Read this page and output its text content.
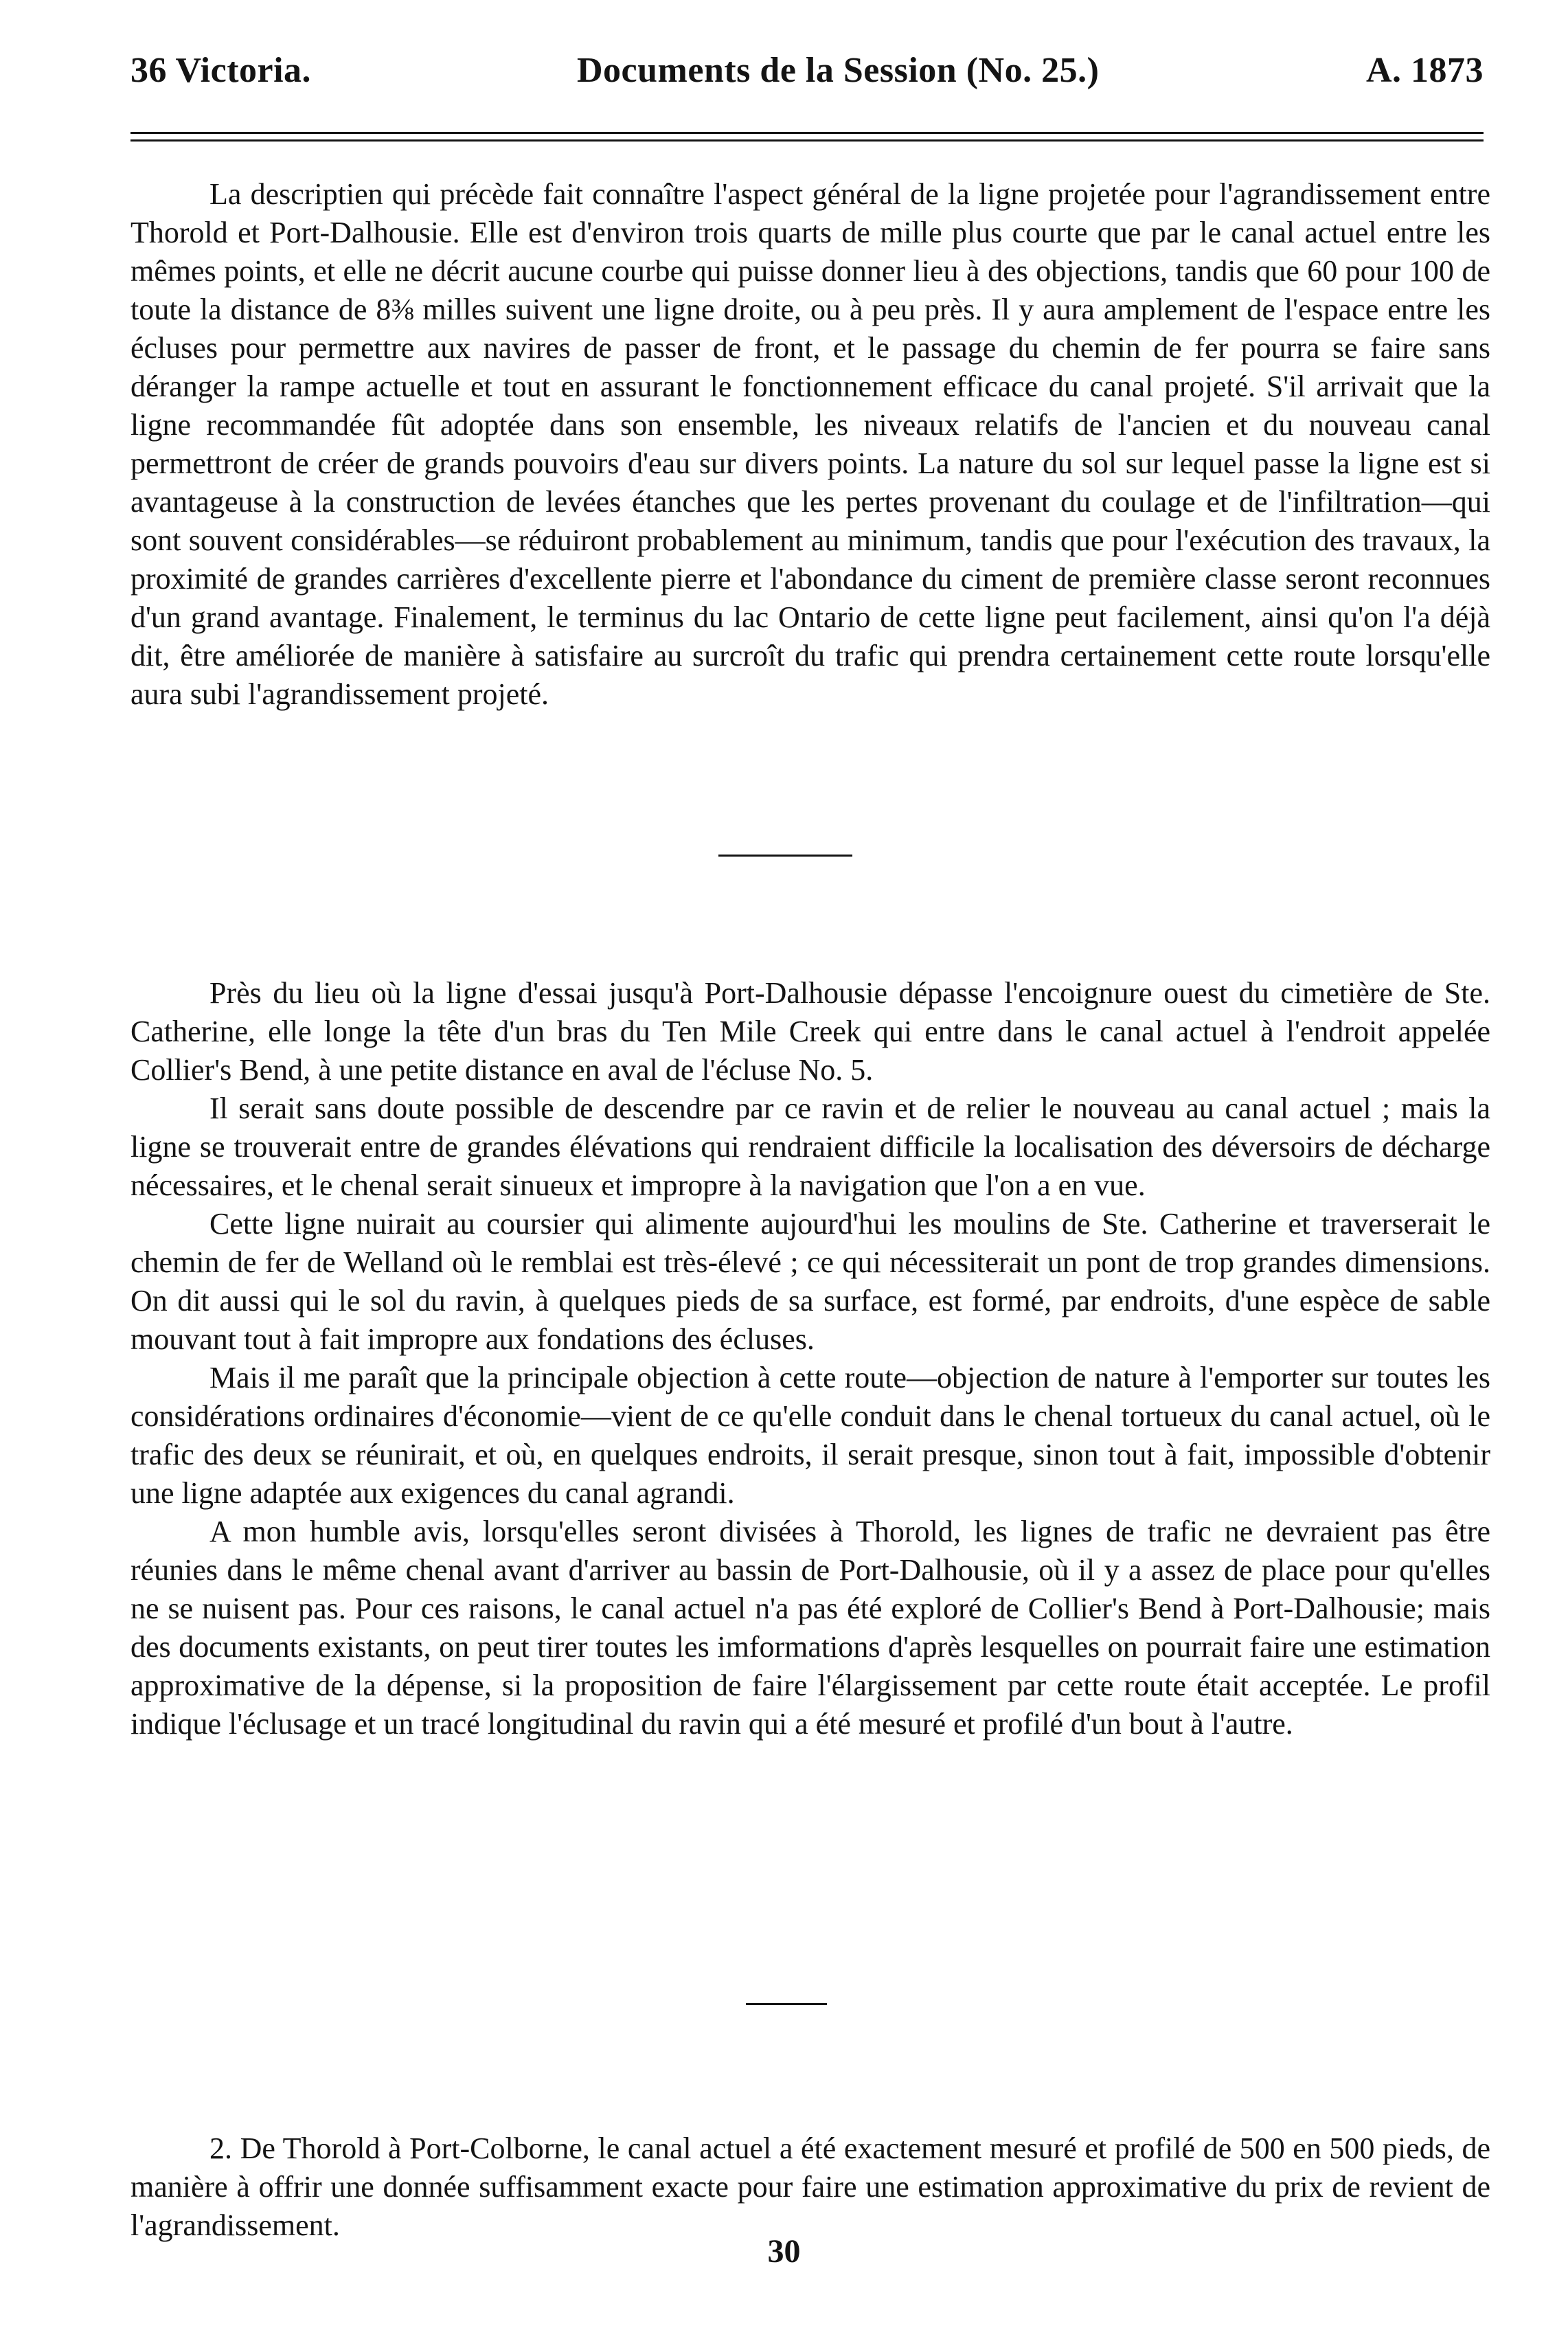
36 Victoria.	Documents de la Session (No. 25.)	A. 1873

La descriptien qui précède fait connaître l'aspect général de la ligne projetée pour l'agrandissement entre Thorold et Port-Dalhousie. Elle est d'environ trois quarts de mille plus courte que par le canal actuel entre les mêmes points, et elle ne décrit aucune courbe qui puisse donner lieu à des objections, tandis que 60 pour 100 de toute la distance de 8⅜ milles suivent une ligne droite, ou à peu près. Il y aura amplement de l'espace entre les écluses pour permettre aux navires de passer de front, et le passage du chemin de fer pourra se faire sans déranger la rampe actuelle et tout en assurant le fonctionnement efficace du canal projeté. S'il arrivait que la ligne recommandée fût adoptée dans son ensemble, les niveaux relatifs de l'ancien et du nouveau canal permettront de créer de grands pouvoirs d'eau sur divers points. La nature du sol sur lequel passe la ligne est si avantageuse à la construction de levées étanches que les pertes provenant du coulage et de l'infiltration—qui sont souvent considérables—se réduiront probablement au minimum, tandis que pour l'exécution des travaux, la proximité de grandes carrières d'excellente pierre et l'abondance du ciment de première classe seront reconnues d'un grand avantage. Finalement, le terminus du lac Ontario de cette ligne peut facilement, ainsi qu'on l'a déjà dit, être améliorée de manière à satisfaire au surcroît du trafic qui prendra certainement cette route lorsqu'elle aura subi l'agrandissement projeté.

Près du lieu où la ligne d'essai jusqu'à Port-Dalhousie dépasse l'encoignure ouest du cimetière de Ste. Catherine, elle longe la tête d'un bras du Ten Mile Creek qui entre dans le canal actuel à l'endroit appelée Collier's Bend, à une petite distance en aval de l'écluse No. 5.

Il serait sans doute possible de descendre par ce ravin et de relier le nouveau au canal actuel ; mais la ligne se trouverait entre de grandes élévations qui rendraient difficile la localisation des déversoirs de décharge nécessaires, et le chenal serait sinueux et impropre à la navigation que l'on a en vue.

Cette ligne nuirait au coursier qui alimente aujourd'hui les moulins de Ste. Catherine et traverserait le chemin de fer de Welland où le remblai est très-élevé ; ce qui nécessiterait un pont de trop grandes dimensions. On dit aussi qui le sol du ravin, à quelques pieds de sa surface, est formé, par endroits, d'une espèce de sable mouvant tout à fait impropre aux fondations des écluses.

Mais il me paraît que la principale objection à cette route—objection de nature à l'emporter sur toutes les considérations ordinaires d'économie—vient de ce qu'elle conduit dans le chenal tortueux du canal actuel, où le trafic des deux se réunirait, et où, en quelques endroits, il serait presque, sinon tout à fait, impossible d'obtenir une ligne adaptée aux exigences du canal agrandi.

A mon humble avis, lorsqu'elles seront divisées à Thorold, les lignes de trafic ne devraient pas être réunies dans le même chenal avant d'arriver au bassin de Port-Dalhousie, où il y a assez de place pour qu'elles ne se nuisent pas. Pour ces raisons, le canal actuel n'a pas été exploré de Collier's Bend à Port-Dalhousie; mais des documents existants, on peut tirer toutes les imformations d'après lesquelles on pourrait faire une estimation approximative de la dépense, si la proposition de faire l'élargissement par cette route était acceptée. Le profil indique l'éclusage et un tracé longitudinal du ravin qui a été mesuré et profilé d'un bout à l'autre.

2. De Thorold à Port-Colborne, le canal actuel a été exactement mesuré et profilé de 500 en 500 pieds, de manière à offrir une donnée suffisamment exacte pour faire une estimation approximative du prix de revient de l'agrandissement.

30
